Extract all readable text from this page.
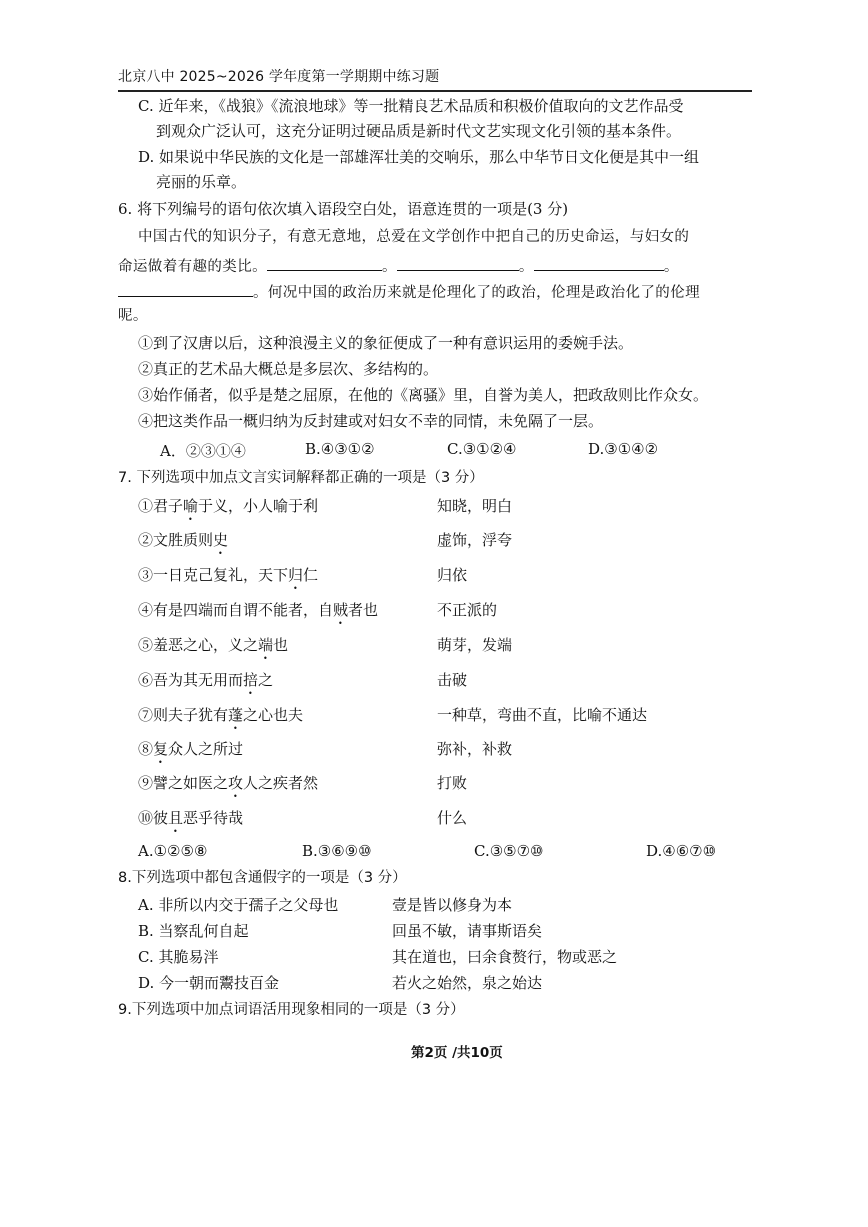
北京八中 2025~2026 学年度第一学期期中练习题
C. 近年来，《战狼》《流浪地球》等一批精良艺术品质和积极价值取向的文艺作品受
到观众广泛认可，这充分证明过硬品质是新时代文艺实现文化引领的基本条件。
D. 如果说中华民族的文化是一部雄浑壮美的交响乐，那么中华节日文化便是其中一组
亮丽的乐章。
6. 将下列编号的语句依次填入语段空白处，语意连贯的一项是(3 分)
中国古代的知识分子，有意无意地，总爱在文学创作中把自己的历史命运，与妇女的
命运做着有趣的类比。	。	。	。
。何况中国的政治历来就是伦理化了的政治，伦理是政治化了的伦理
呢。
①到了汉唐以后，这种浪漫主义的象征便成了一种有意识运用的委婉手法。
②真正的艺术品大概总是多层次、多结构的。
③始作俑者，似乎是楚之屈原，在他的《离骚》里，自誉为美人，把政敌则比作众女。
④把这类作品一概归纳为反封建或对妇女不幸的同情，未免隔了一层。
A．②③①④	B.④③①②	C.③①②④	D.③①④②
7. 下列选项中加点文言实词解释都正确的一项是（3 分）
①君子喻于义，小人喻于利	知晓，明白
②文胜质则史	虚饰，浮夸
③一日克己复礼，天下归仁	归依
④有是四端而自谓不能者，自贼者也	不正派的
⑤羞恶之心，义之端也	萌芽，发端
⑥吾为其无用而掊之	击破
⑦则夫子犹有蓬之心也夫	一种草，弯曲不直，比喻不通达
⑧复众人之所过	弥补，补救
⑨譬之如医之攻人之疾者然	打败
⑩彼且恶乎待哉	什么
A.①②⑤⑧	B.③⑥⑨⑩	C.③⑤⑦⑩	D.④⑥⑦⑩
8.下列选项中都包含通假字的一项是（3 分）
A. 非所以内交于孺子之父母也	壹是皆以修身为本
B. 当察乱何自起	回虽不敏，请事斯语矣
C. 其脆易泮	其在道也，曰余食赘行，物或恶之
D. 今一朝而鬻技百金	若火之始然，泉之始达
9.下列选项中加点词语活用现象相同的一项是（3 分）
第2页 /共10页
